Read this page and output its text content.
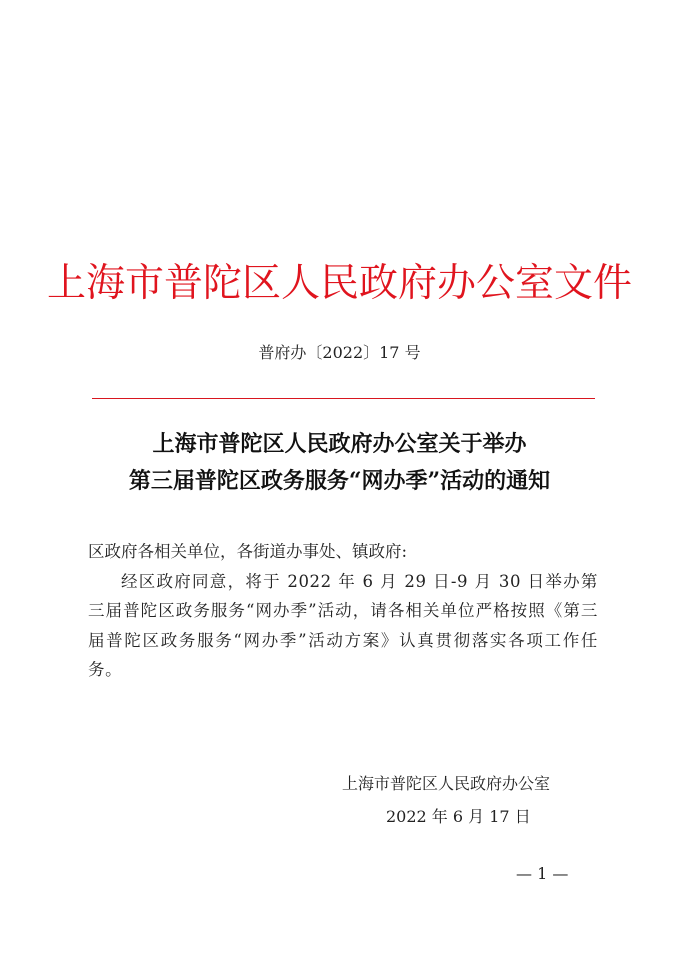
上海市普陀区人民政府办公室文件
普府办〔2022〕17 号
上海市普陀区人民政府办公室关于举办
第三届普陀区政务服务“网办季”活动的通知
区政府各相关单位，各街道办事处、镇政府:
经区政府同意，将于 2022 年 6 月 29 日-9 月 30 日举办第三届普陀区政务服务“网办季”活动，请各相关单位严格按照《第三届普陀区政务服务“网办季”活动方案》认真贯彻落实各项工作任务。
上海市普陀区人民政府办公室
2022 年 6 月 17 日
— 1 —
